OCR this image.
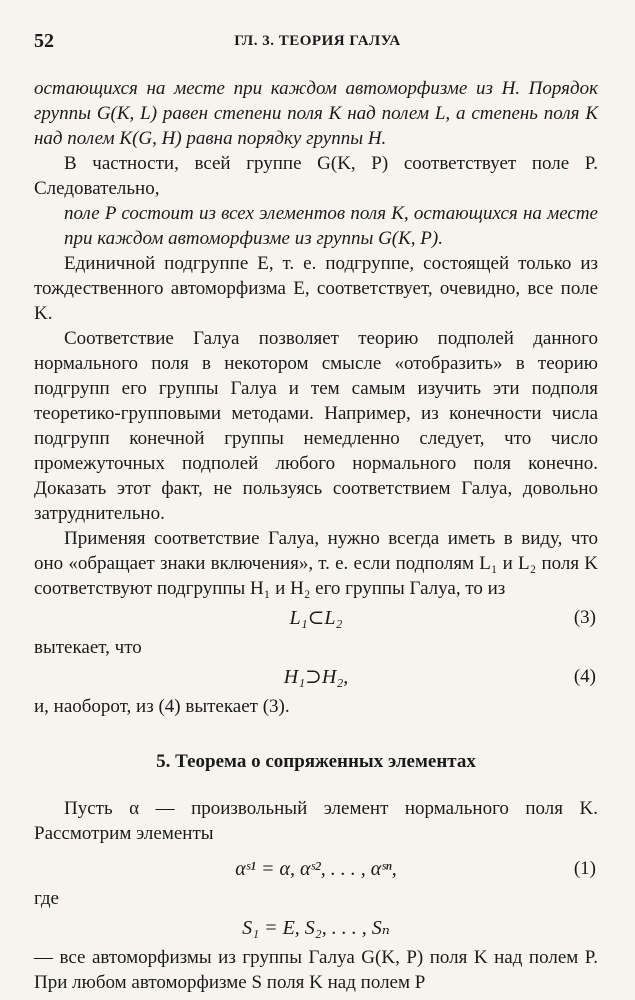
52	ГЛ. 3. ТЕОРИЯ ГАЛУА

остающихся на месте при каждом автоморфизме из H. Порядок группы G(K, L) равен степени поля K над полем L, а степень поля K над полем K(G, H) равна порядку группы H.

В частности, всей группе G(K, P) соответствует поле P. Следовательно,

поле P состоит из всех элементов поля K, остающихся на месте при каждом автоморфизме из группы G(K, P).

Единичной подгруппе E, т. е. подгруппе, состоящей только из тождественного автоморфизма E, соответствует, очевидно, все поле K.

Соответствие Галуа позволяет теорию подполей данного нормального поля в некотором смысле «отобразить» в теорию подгрупп его группы Галуа и тем самым изучить эти подполя теоретико-групповыми методами. Например, из конечности числа подгрупп конечной группы немедленно следует, что число промежуточных подполей любого нормального поля конечно. Доказать этот факт, не пользуясь соответствием Галуа, довольно затруднительно.

Применяя соответствие Галуа, нужно всегда иметь в виду, что оно «обращает знаки включения», т. е. если подполям L₁ и L₂ поля K соответствуют подгруппы H₁ и H₂ его группы Галуа, то из

L₁⊂L₂	(3)

вытекает, что

H₁⊃H₂,	(4)

и, наоборот, из (4) вытекает (3).

5. Теорема о сопряженных элементах

Пусть α — произвольный элемент нормального поля K. Рассмотрим элементы

αˢ¹ = α, αˢ², . . . , αˢⁿ,	(1)

где

S₁ = E, S₂, . . . , Sₙ

— все автоморфизмы из группы Галуа G(K, P) поля K над полем P. При любом автоморфизме S поля K над полем P
